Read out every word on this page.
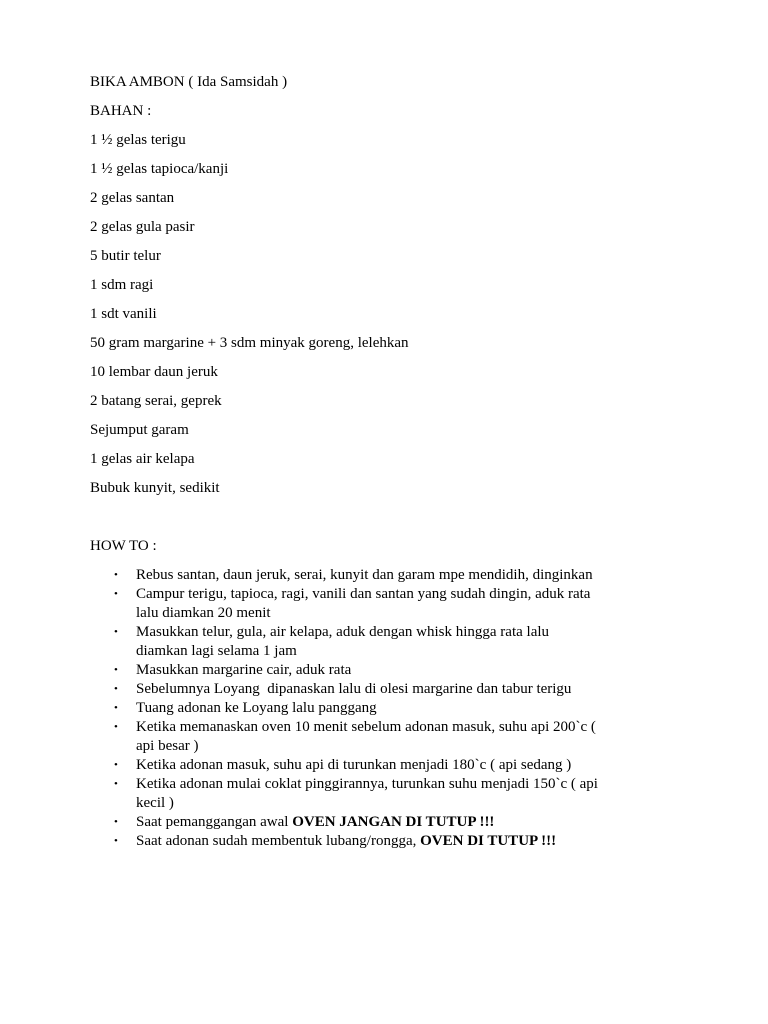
BIKA AMBON ( Ida Samsidah )
BAHAN :
1 ½ gelas terigu
1 ½ gelas tapioca/kanji
2 gelas santan
2 gelas gula pasir
5 butir telur
1 sdm ragi
1 sdt vanili
50 gram margarine + 3 sdm minyak goreng, lelehkan
10 lembar daun jeruk
2 batang serai, geprek
Sejumput garam
1 gelas air kelapa
Bubuk kunyit, sedikit
HOW TO :
• Rebus santan, daun jeruk, serai, kunyit dan garam mpe mendidih, dinginkan
• Campur terigu, tapioca, ragi, vanili dan santan yang sudah dingin, aduk rata
lalu diamkan 20 menit
• Masukkan telur, gula, air kelapa, aduk dengan whisk hingga rata lalu
diamkan lagi selama 1 jam
• Masukkan margarine cair, aduk rata
• Sebelumnya Loyang  dipanaskan lalu di olesi margarine dan tabur terigu
• Tuang adonan ke Loyang lalu panggang
• Ketika memanaskan oven 10 menit sebelum adonan masuk, suhu api 200`c (
api besar )
• Ketika adonan masuk, suhu api di turunkan menjadi 180`c ( api sedang )
• Ketika adonan mulai coklat pinggirannya, turunkan suhu menjadi 150`c ( api
kecil )
• Saat pemanggangan awal OVEN JANGAN DI TUTUP !!!
• Saat adonan sudah membentuk lubang/rongga, OVEN DI TUTUP !!!
